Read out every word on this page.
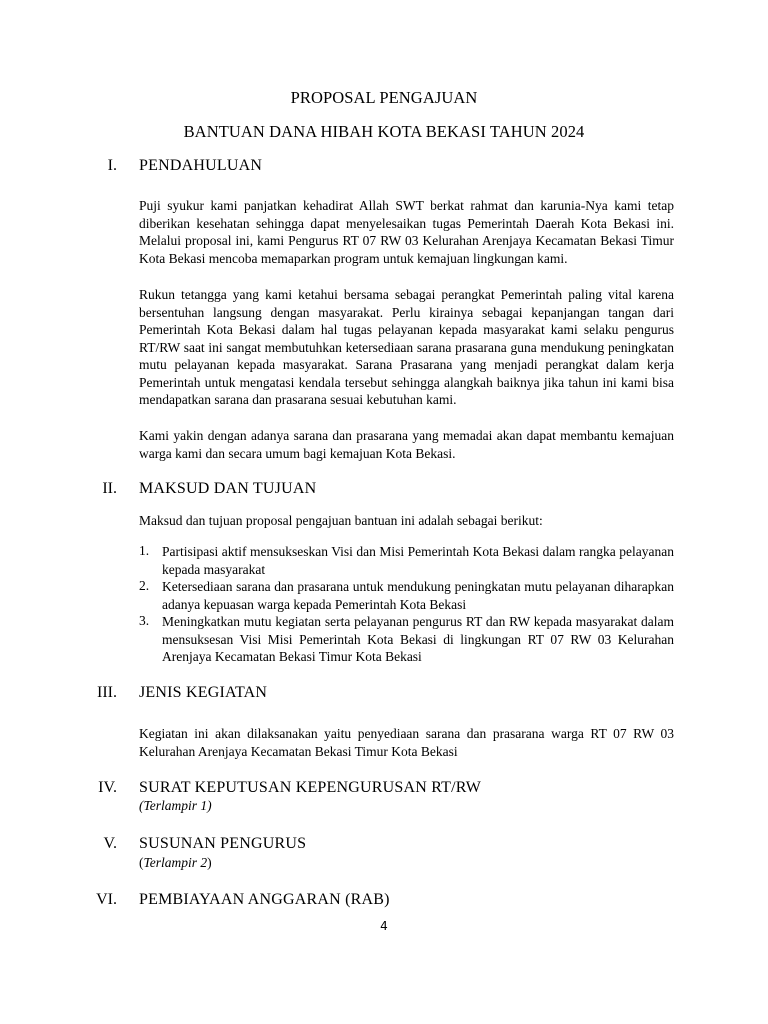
PROPOSAL PENGAJUAN
BANTUAN DANA HIBAH KOTA BEKASI TAHUN 2024
I. PENDAHULUAN
Puji syukur kami panjatkan kehadirat Allah SWT berkat rahmat dan karunia-Nya kami tetap diberikan kesehatan sehingga dapat menyelesaikan tugas Pemerintah Daerah Kota Bekasi ini. Melalui proposal ini, kami Pengurus RT 07 RW 03 Kelurahan Arenjaya Kecamatan Bekasi Timur Kota Bekasi mencoba memaparkan program untuk kemajuan lingkungan kami.
Rukun tetangga yang kami ketahui bersama sebagai perangkat Pemerintah paling vital karena bersentuhan langsung dengan masyarakat. Perlu kirainya sebagai kepanjangan tangan dari Pemerintah Kota Bekasi dalam hal tugas pelayanan kepada masyarakat kami selaku pengurus RT/RW saat ini sangat membutuhkan ketersediaan sarana prasarana guna mendukung peningkatan mutu pelayanan kepada masyarakat. Sarana Prasarana yang menjadi perangkat dalam kerja Pemerintah untuk mengatasi kendala tersebut sehingga alangkah baiknya jika tahun ini kami bisa mendapatkan sarana dan prasarana sesuai kebutuhan kami.
Kami yakin dengan adanya sarana dan prasarana yang memadai akan dapat membantu kemajuan warga kami dan secara umum bagi kemajuan Kota Bekasi.
II. MAKSUD DAN TUJUAN
Maksud dan tujuan proposal pengajuan bantuan ini adalah sebagai berikut:
1. Partisipasi aktif mensukseskan Visi dan Misi Pemerintah Kota Bekasi dalam rangka pelayanan kepada masyarakat
2. Ketersediaan sarana dan prasarana untuk mendukung peningkatan mutu pelayanan diharapkan adanya kepuasan warga kepada Pemerintah Kota Bekasi
3. Meningkatkan mutu kegiatan serta pelayanan pengurus RT dan RW kepada masyarakat dalam mensuksesan Visi Misi Pemerintah Kota Bekasi di lingkungan RT 07 RW 03 Kelurahan Arenjaya Kecamatan Bekasi Timur Kota Bekasi
III. JENIS KEGIATAN
Kegiatan ini akan dilaksanakan yaitu penyediaan sarana dan prasarana warga RT 07 RW 03 Kelurahan Arenjaya Kecamatan Bekasi Timur Kota Bekasi
IV. SURAT KEPUTUSAN KEPENGURUSAN RT/RW
(Terlampir 1)
V. SUSUNAN PENGURUS
(Terlampir 2)
VI. PEMBIAYAAN ANGGARAN (RAB)
4
